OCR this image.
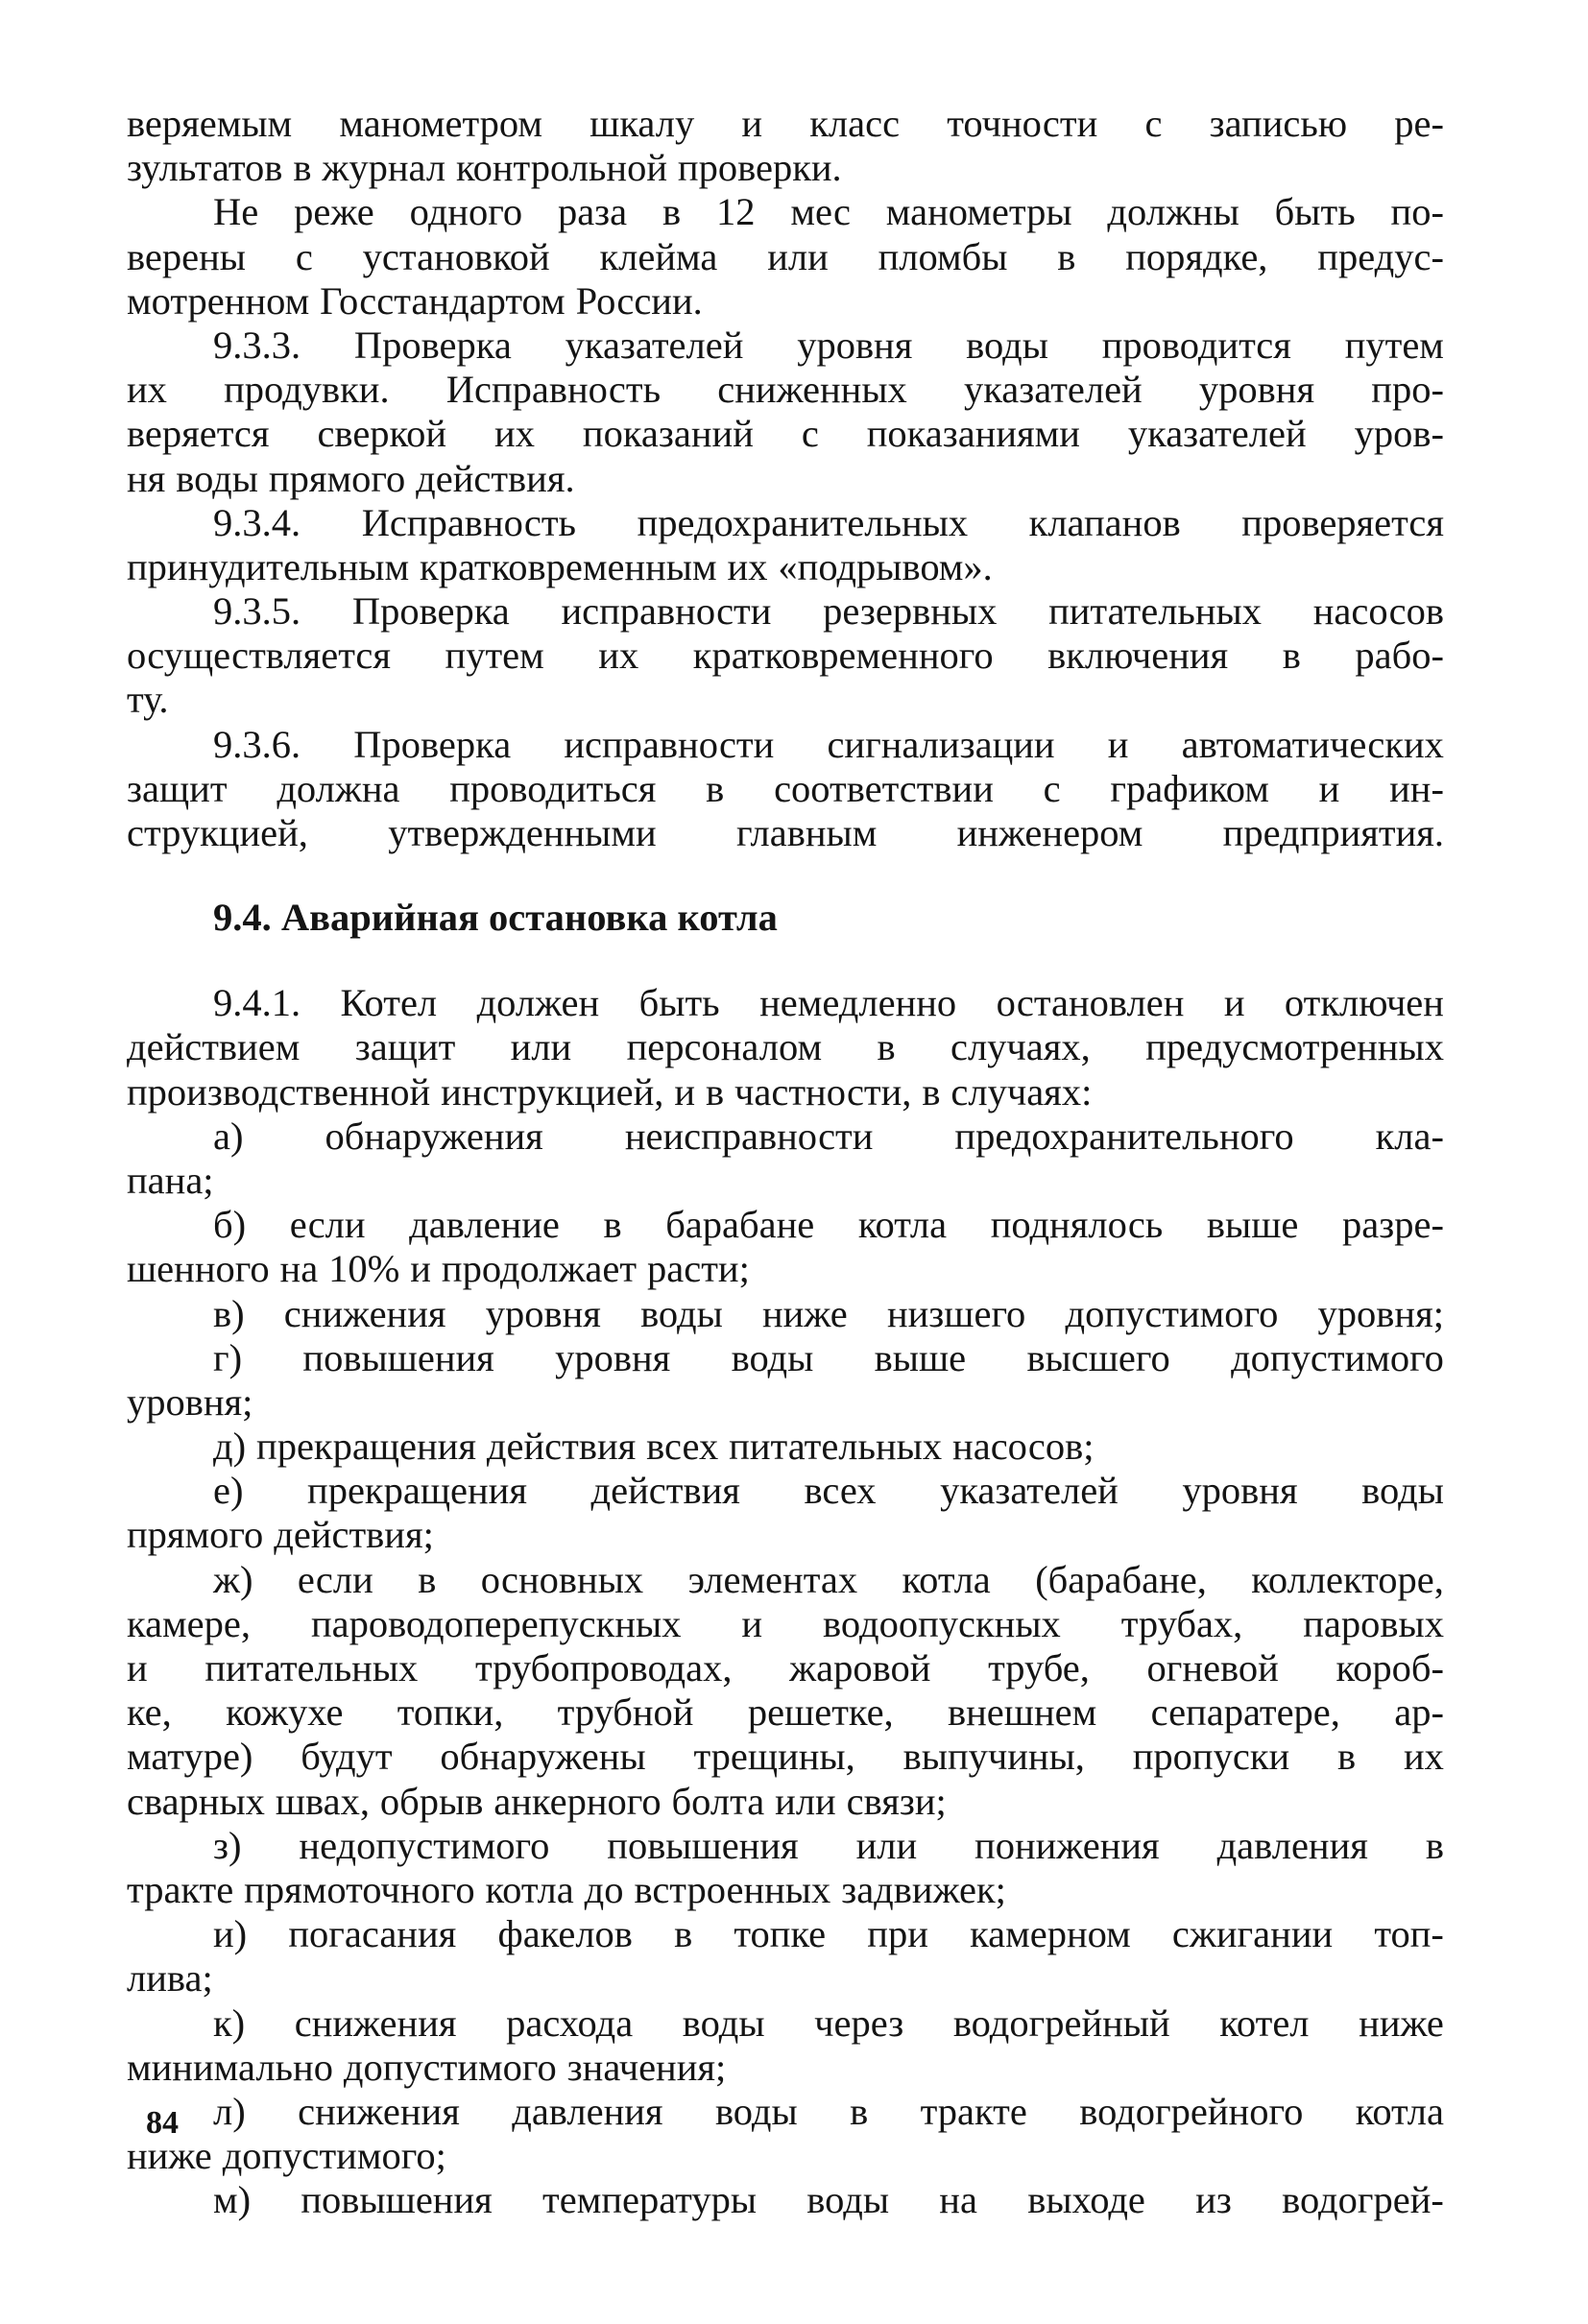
веряемым манометром шкалу и класс точности с записью ре-
зультатов в журнал контрольной проверки.
Не реже одного раза в 12 мес манометры должны быть по-
верены с установкой клейма или пломбы в порядке, предус-
мотренном Госстандартом России.
9.3.3. Проверка указателей уровня воды проводится путем
их продувки. Исправность сниженных указателей уровня про-
веряется сверкой их показаний с показаниями указателей уров-
ня воды прямого действия.
9.3.4. Исправность предохранительных клапанов проверяется
принудительным кратковременным их «подрывом».
9.3.5. Проверка исправности резервных питательных насосов
осуществляется путем их кратковременного включения в рабо-
ту.
9.3.6. Проверка исправности сигнализации и автоматических
защит должна проводиться в соответствии с графиком и ин-
струкцией, утвержденными главным инженером предприятия.
9.4. Аварийная остановка котла
9.4.1. Котел должен быть немедленно остановлен и отключен
действием защит или персоналом в случаях, предусмотренных
производственной инструкцией, и в частности, в случаях:
а) обнаружения неисправности предохранительного кла-
пана;
б) если давление в барабане котла поднялось выше разре-
шенного на 10% и продолжает расти;
в) снижения уровня воды ниже низшего допустимого уровня;
г) повышения уровня воды выше высшего допустимого
уровня;
д) прекращения действия всех питательных насосов;
е) прекращения действия всех указателей уровня воды
прямого действия;
ж) если в основных элементах котла (барабане, коллекторе,
камере, пароводоперепускных и водоопускных трубах, паровых
и питательных трубопроводах, жаровой трубе, огневой короб-
ке, кожухе топки, трубной решетке, внешнем сепаратере, ар-
матуре) будут обнаружены трещины, выпучины, пропуски в их
сварных швах, обрыв анкерного болта или связи;
з) недопустимого повышения или понижения давления в
тракте прямоточного котла до встроенных задвижек;
и) погасания факелов в топке при камерном сжигании топ-
лива;
к) снижения расхода воды через водогрейный котел ниже
минимально допустимого значения;
л) снижения давления воды в тракте водогрейного котла
ниже допустимого;
м) повышения температуры воды на выходе из водогрей-
84
